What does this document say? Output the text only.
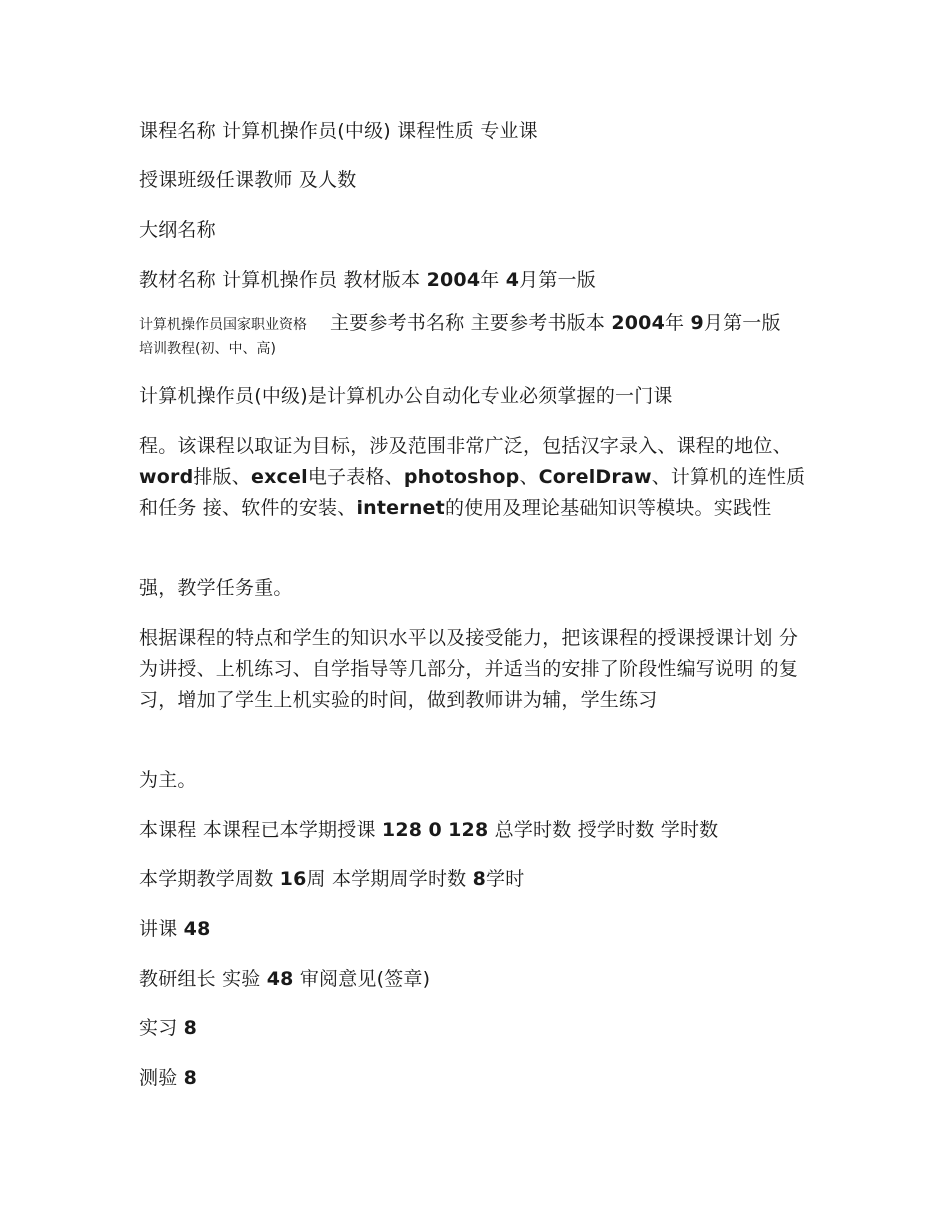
课程名称 计算机操作员(中级) 课程性质 专业课
授课班级任课教师 及人数
大纲名称
教材名称 计算机操作员 教材版本 2004年 4月第一版
计算机操作员国家职业资格
培训教程(初、中、高)
主要参考书名称 主要参考书版本 2004年 9月第一版
计算机操作员(中级)是计算机办公自动化专业必须掌握的一门课
程。该课程以取证为目标，涉及范围非常广泛，包括汉字录入、课程的地位、 word排版、excel电子表格、photoshop、CorelDraw、计算机的连性质和任务 接、软件的安装、internet的使用及理论基础知识等模块。实践性
强，教学任务重。
根据课程的特点和学生的知识水平以及接受能力，把该课程的授课授课计划 分为讲授、上机练习、自学指导等几部分，并适当的安排了阶段性编写说明 的复习，增加了学生上机实验的时间，做到教师讲为辅，学生练习
为主。
本课程 本课程已本学期授课 128 0 128 总学时数 授学时数 学时数
本学期教学周数 16周 本学期周学时数 8学时
讲课 48
教研组长 实验 48 审阅意见(签章)
实习 8
测验 8
